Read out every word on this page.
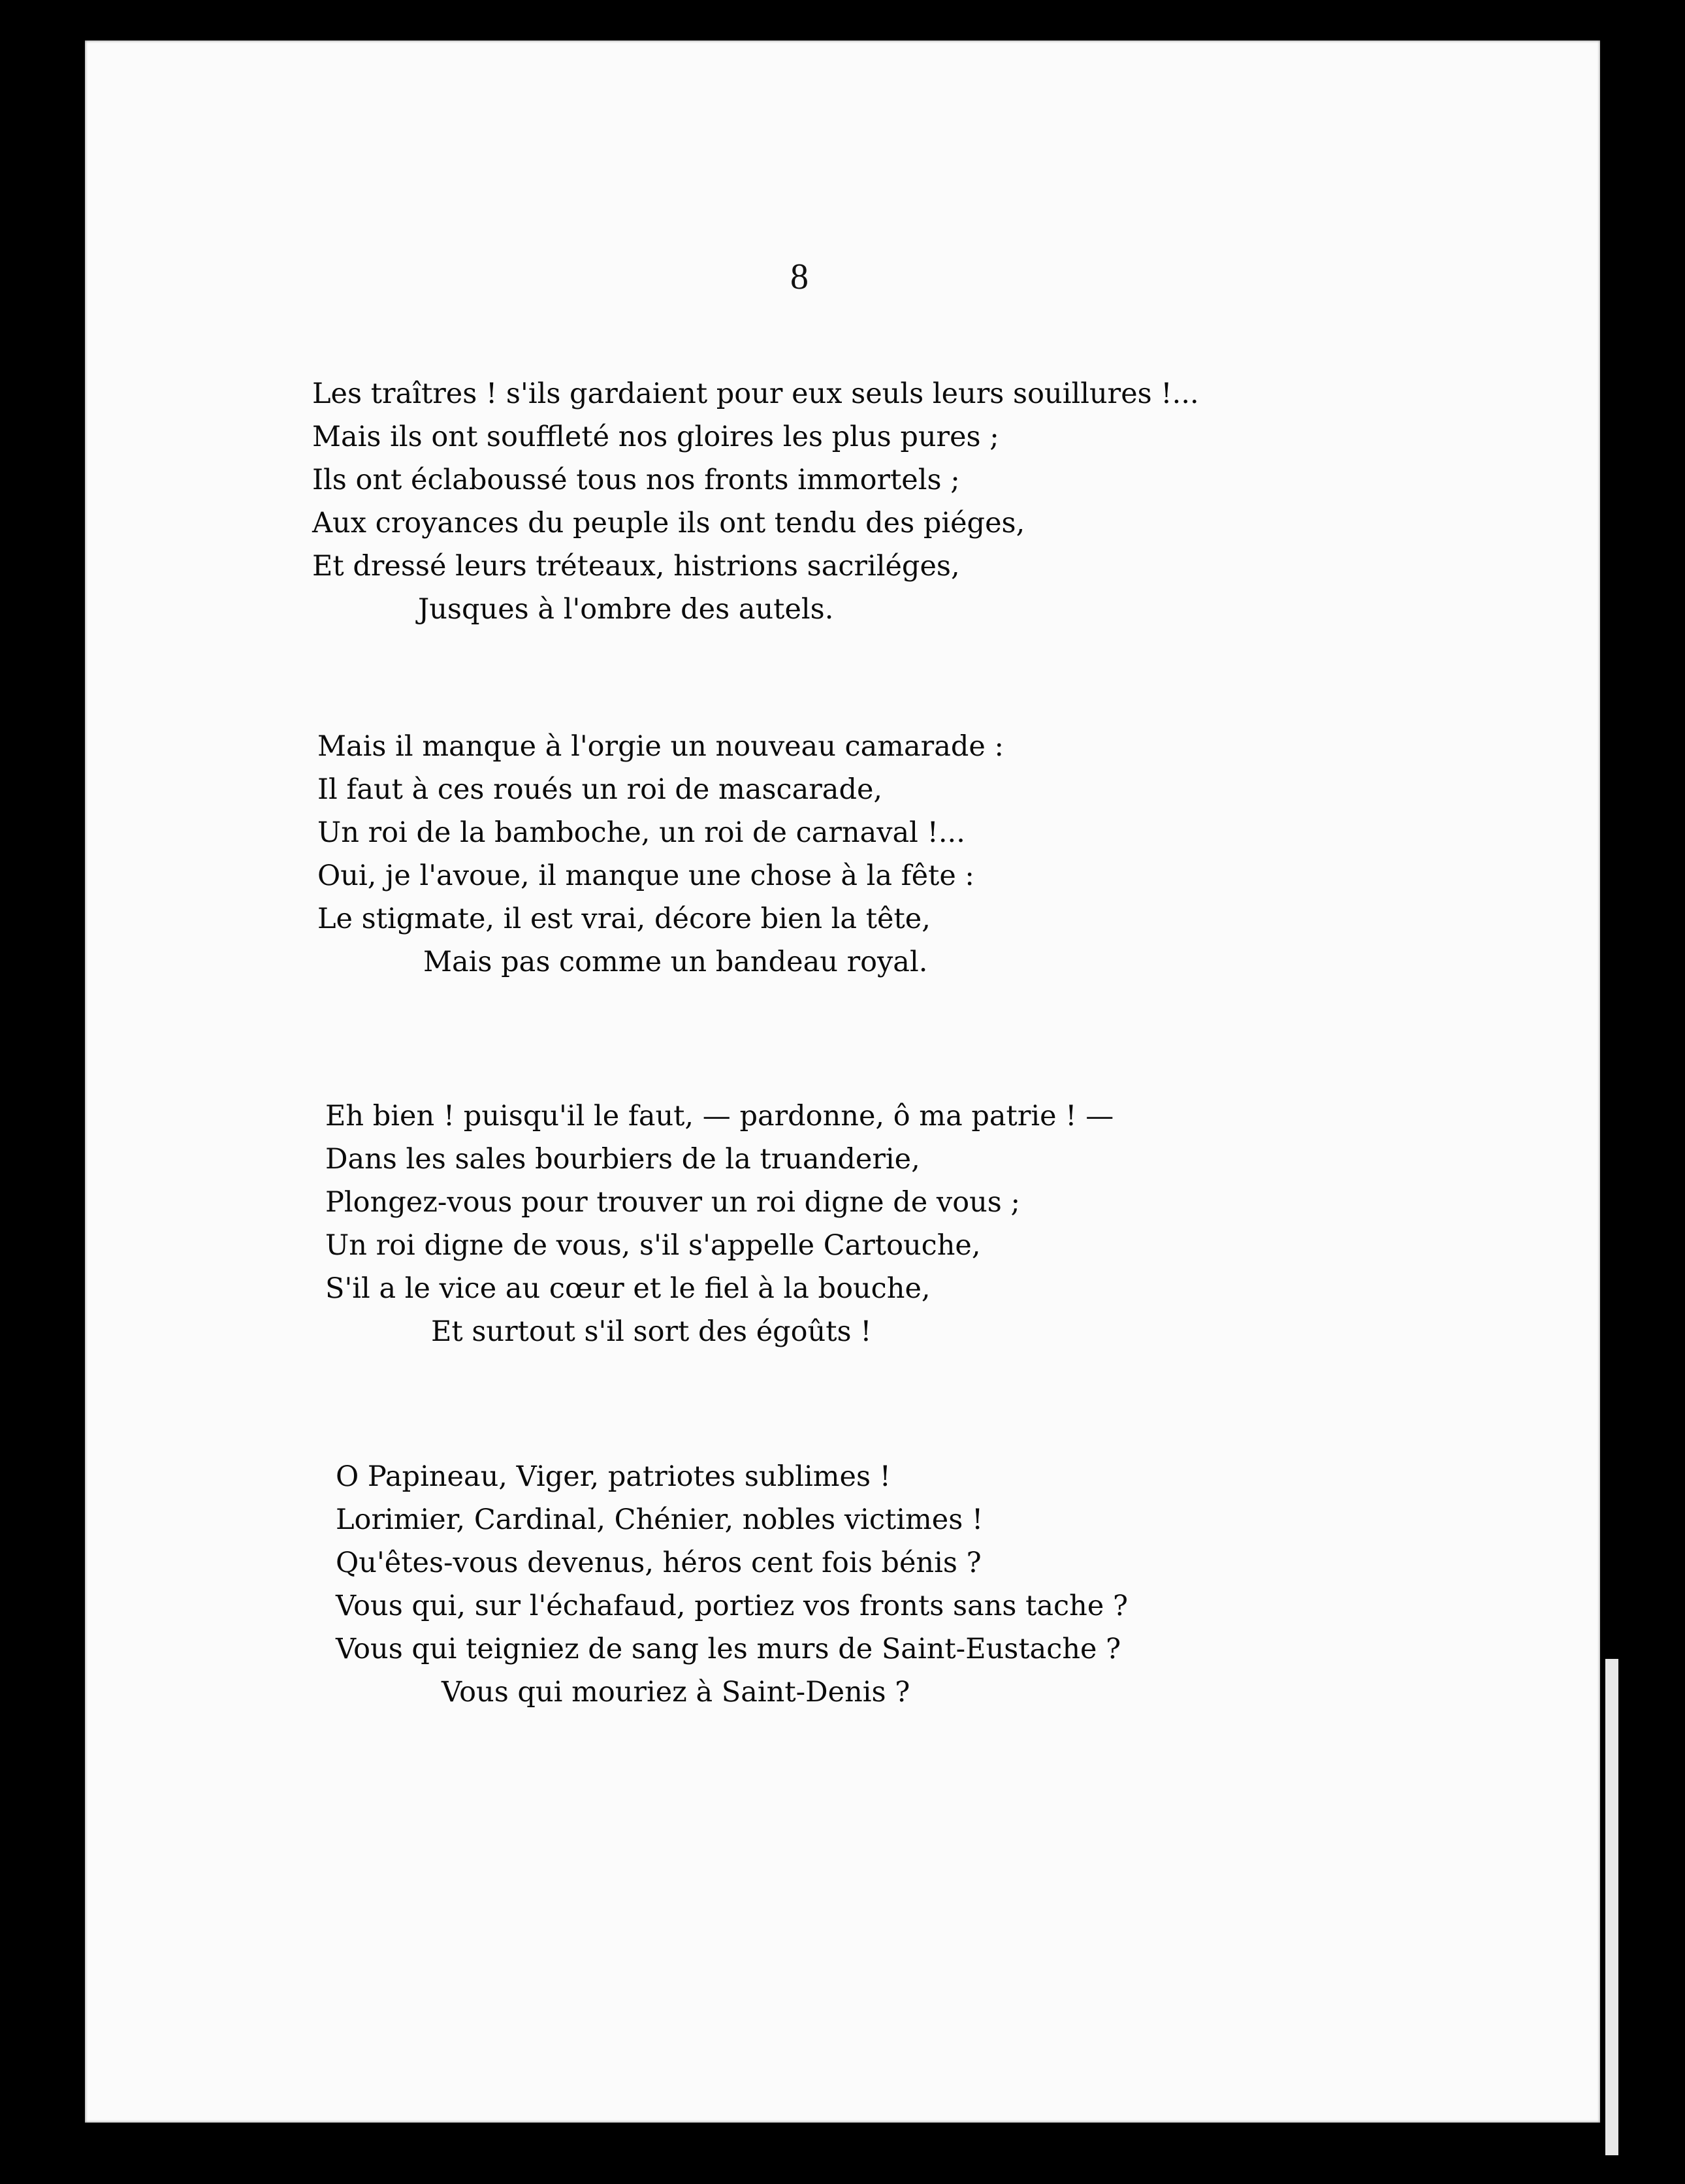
8
Les traîtres ! s'ils gardaient pour eux seuls leurs souillures !...
Mais ils ont souffleté nos gloires les plus pures ;
Ils ont éclaboussé tous nos fronts immortels ;
Aux croyances du peuple ils ont tendu des piéges,
Et dressé leurs tréteaux, histrions sacriléges,
Jusques à l'ombre des autels.
Mais il manque à l'orgie un nouveau camarade :
Il faut à ces roués un roi de mascarade,
Un roi de la bamboche, un roi de carnaval !...
Oui, je l'avoue, il manque une chose à la fête :
Le stigmate, il est vrai, décore bien la tête,
Mais pas comme un bandeau royal.
Eh bien ! puisqu'il le faut, — pardonne, ô ma patrie ! —
Dans les sales bourbiers de la truanderie,
Plongez-vous pour trouver un roi digne de vous ;
Un roi digne de vous, s'il s'appelle Cartouche,
S'il a le vice au cœur et le fiel à la bouche,
Et surtout s'il sort des égoûts !
O Papineau, Viger, patriotes sublimes !
Lorimier, Cardinal, Chénier, nobles victimes !
Qu'êtes-vous devenus, héros cent fois bénis ?
Vous qui, sur l'échafaud, portiez vos fronts sans tache ?
Vous qui teigniez de sang les murs de Saint-Eustache ?
Vous qui mouriez à Saint-Denis ?
